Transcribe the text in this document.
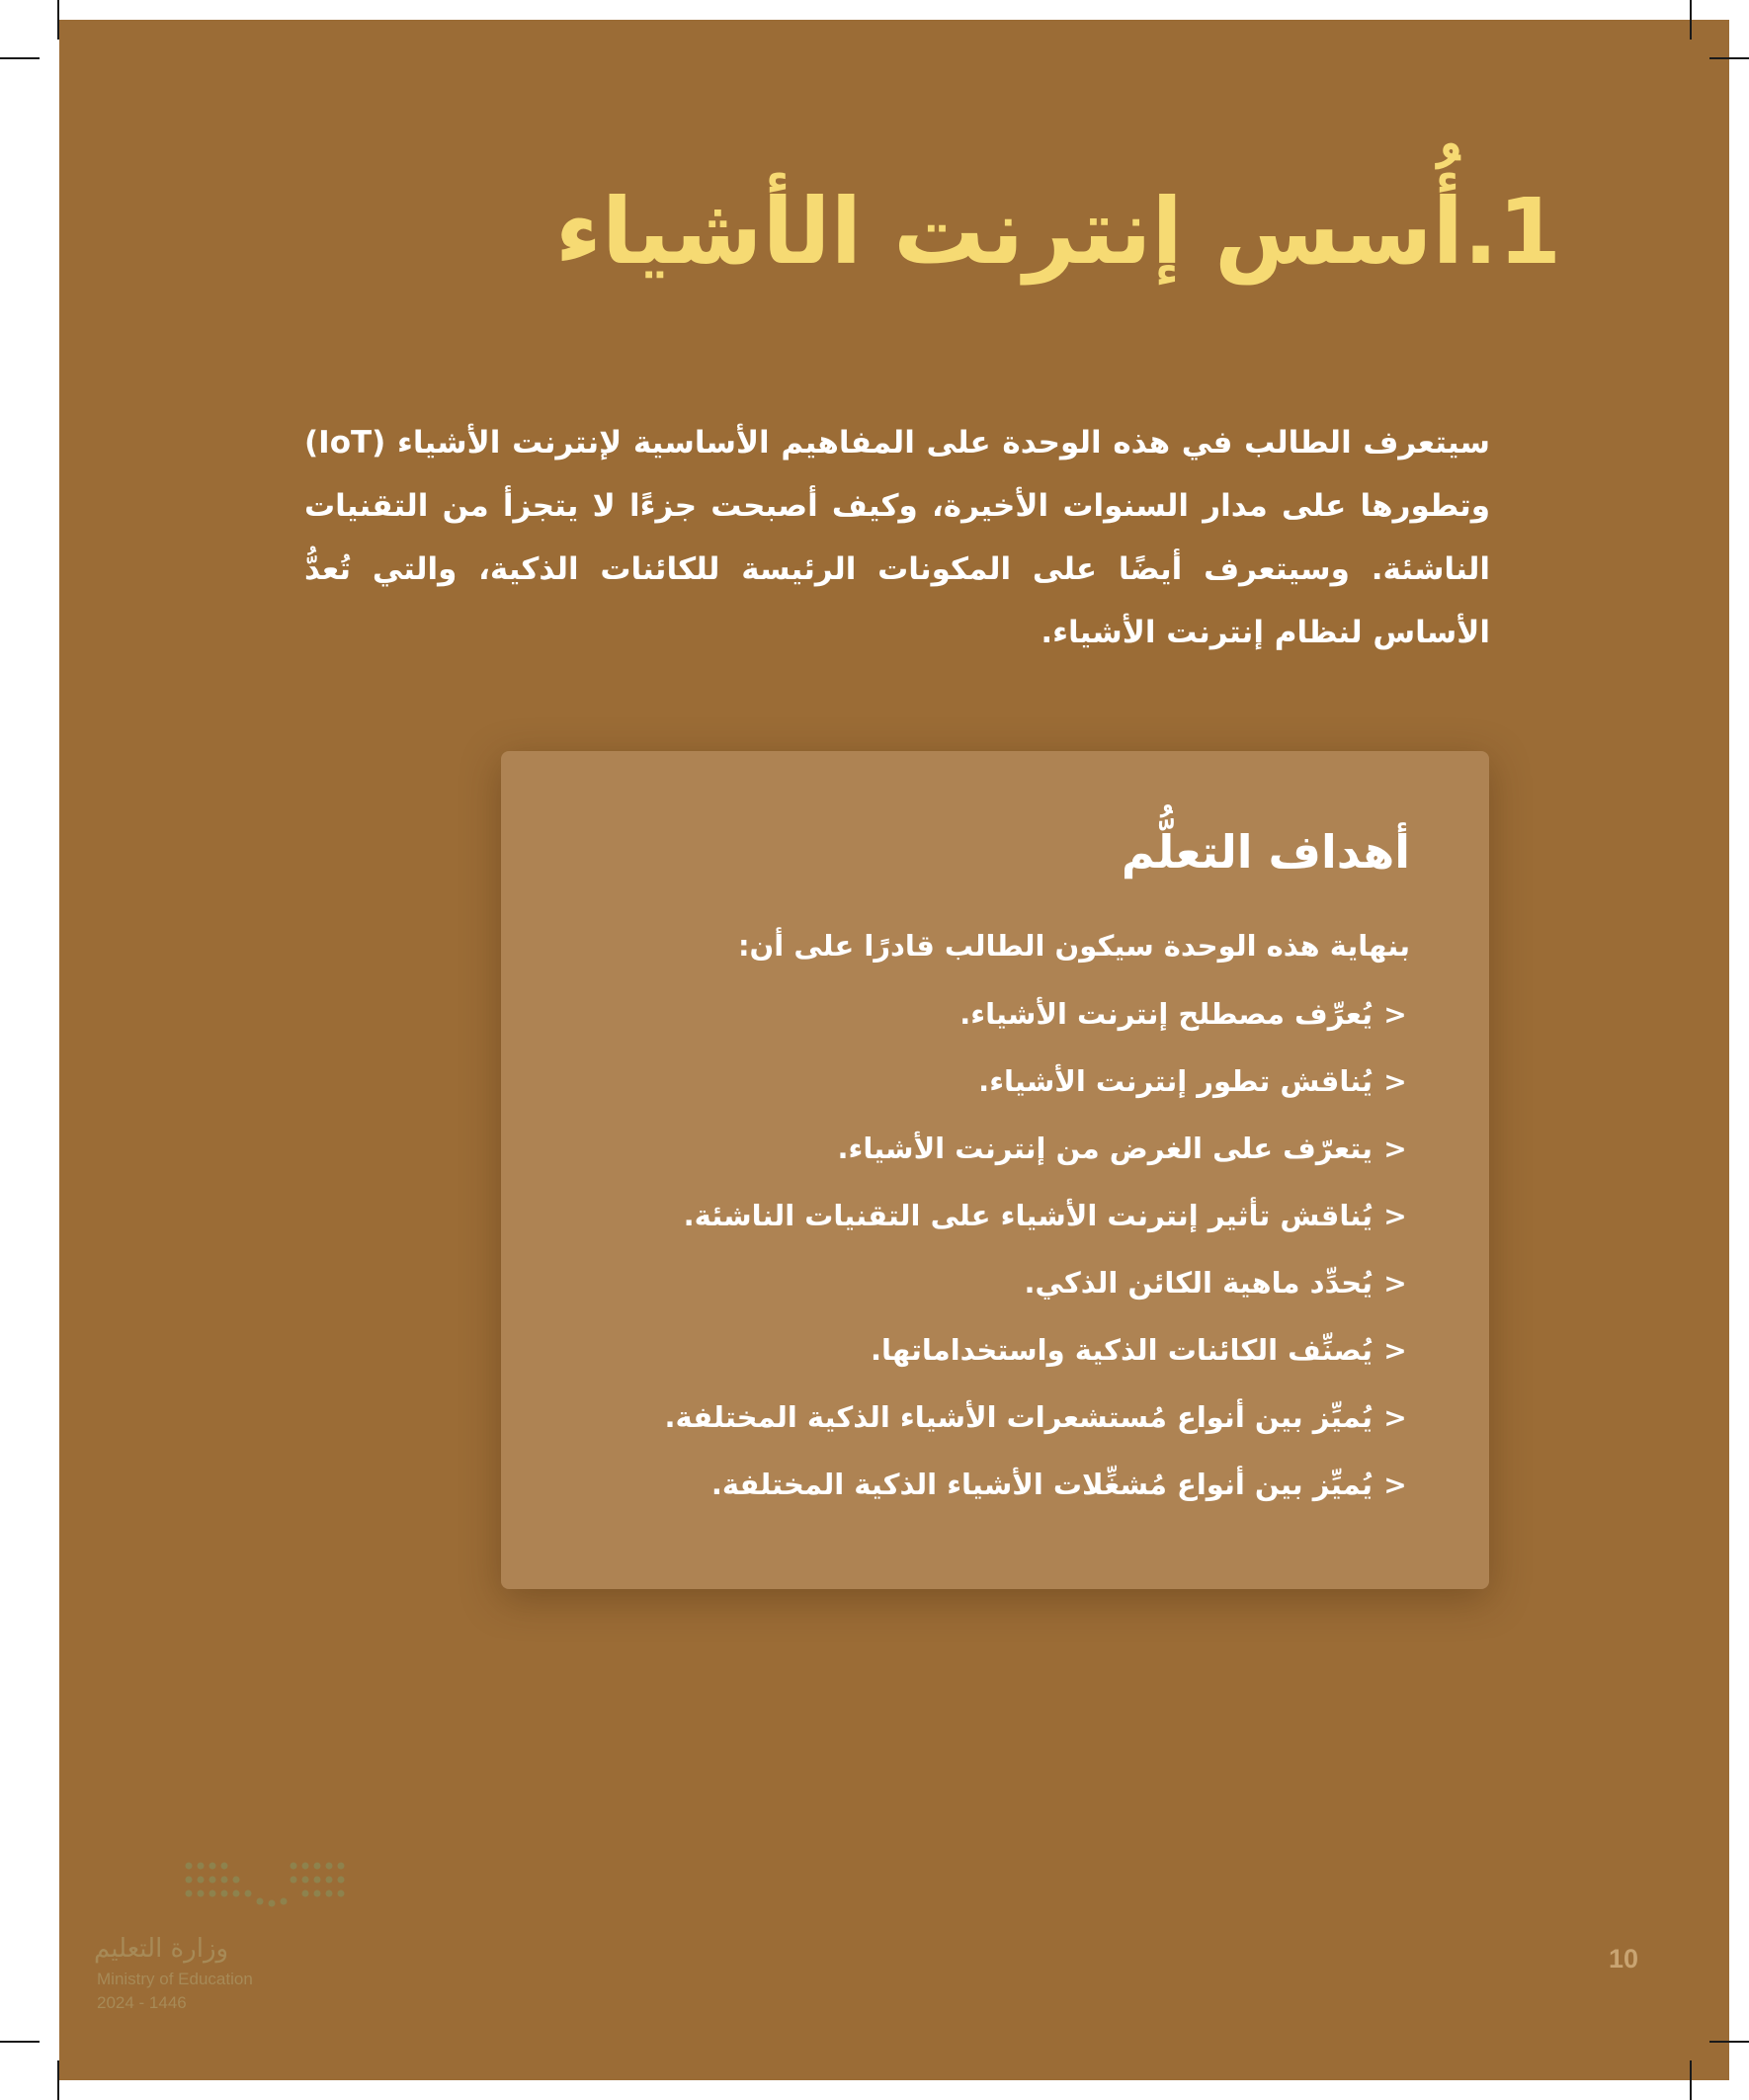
1.أُسس إنترنت الأشياء

سيتعرف الطالب في هذه الوحدة على المفاهيم الأساسية لإنترنت الأشياء (IoT) وتطورها على مدار السنوات الأخيرة، وكيف أصبحت جزءًا لا يتجزأ من التقنيات الناشئة. وسيتعرف أيضًا على المكونات الرئيسة للكائنات الذكية، والتي تُعدُّ الأساس لنظام إنترنت الأشياء.

أهداف التعلُّم

بنهاية هذه الوحدة سيكون الطالب قادرًا على أن:

<
يُعرِّف مصطلح إنترنت الأشياء.
<
يُناقش تطور إنترنت الأشياء.
<
يتعرّف على الغرض من إنترنت الأشياء.
<
يُناقش تأثير إنترنت الأشياء على التقنيات الناشئة.
<
يُحدِّد ماهية الكائن الذكي.
<
يُصنِّف الكائنات الذكية واستخداماتها.
<
يُميِّز بين أنواع مُستشعرات الأشياء الذكية المختلفة.
<
يُميِّز بين أنواع مُشغِّلات الأشياء الذكية المختلفة.
وزارة التعليم
Ministry of Education
2024 - 1446
10
